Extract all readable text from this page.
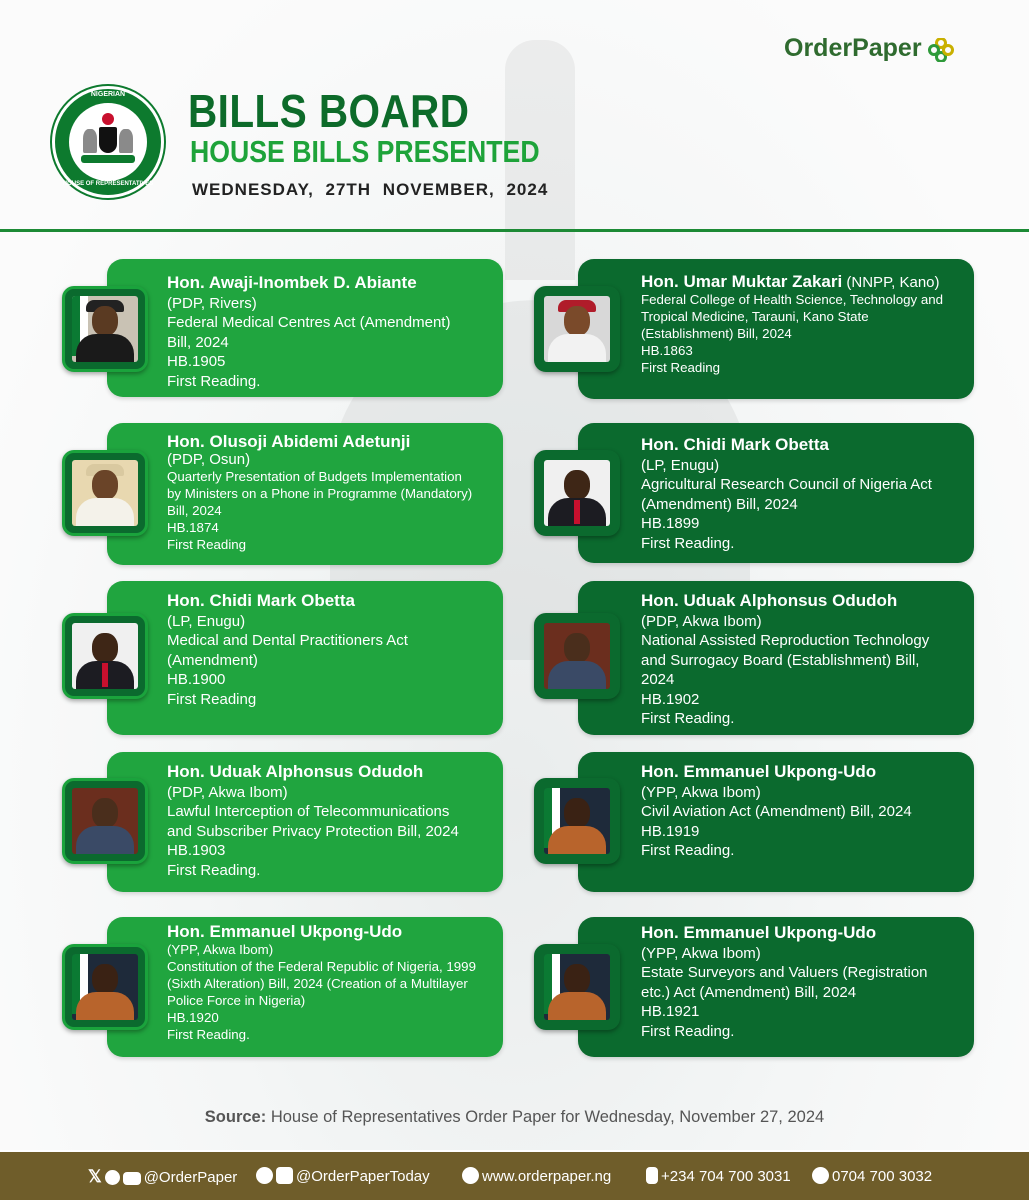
OrderPaper
NIGERIAN
HOUSE OF REPRESENTATIVES
BILLS BOARD
HOUSE BILLS PRESENTED
WEDNESDAY, 27TH NOVEMBER, 2024
Hon. Awaji-Inombek D. Abiante
(PDP, Rivers)
Federal Medical Centres Act (Amendment)
Bill, 2024
HB.1905
First Reading.
Hon. Umar Muktar Zakari (NNPP, Kano)
Federal College of Health Science, Technology and
Tropical Medicine, Tarauni, Kano State
(Establishment) Bill, 2024
HB.1863
First Reading
Hon. Olusoji Abidemi Adetunji
(PDP, Osun)
Quarterly Presentation of Budgets Implementation
by Ministers on a Phone in Programme (Mandatory)
Bill, 2024
HB.1874
First Reading
Hon. Chidi Mark Obetta
(LP, Enugu)
Agricultural Research Council of Nigeria Act
(Amendment) Bill, 2024
HB.1899
First Reading.
Hon. Chidi Mark Obetta
(LP, Enugu)
Medical and Dental Practitioners Act
(Amendment)
HB.1900
First Reading
Hon. Uduak Alphonsus Odudoh
(PDP, Akwa Ibom)
National Assisted Reproduction Technology
and Surrogacy Board (Establishment) Bill,
2024
HB.1902
First Reading.
Hon. Uduak Alphonsus Odudoh
(PDP, Akwa Ibom)
Lawful Interception of Telecommunications
and Subscriber Privacy Protection Bill, 2024
HB.1903
First Reading.
Hon. Emmanuel Ukpong-Udo
(YPP, Akwa Ibom)
Civil Aviation Act (Amendment) Bill, 2024
HB.1919
First Reading.
Hon. Emmanuel Ukpong-Udo
(YPP, Akwa Ibom)
Constitution of the Federal Republic of Nigeria, 1999
(Sixth Alteration) Bill, 2024 (Creation of a Multilayer
Police Force in Nigeria)
HB.1920
First Reading.
Hon. Emmanuel Ukpong-Udo
(YPP, Akwa Ibom)
Estate Surveyors and Valuers (Registration
etc.) Act (Amendment) Bill, 2024
HB.1921
First Reading.
Source: House of Representatives Order Paper for Wednesday, November 27, 2024
𝕏	@OrderPaper	@OrderPaperToday	www.orderpaper.ng	+234 704 700 3031	0704 700 3032
